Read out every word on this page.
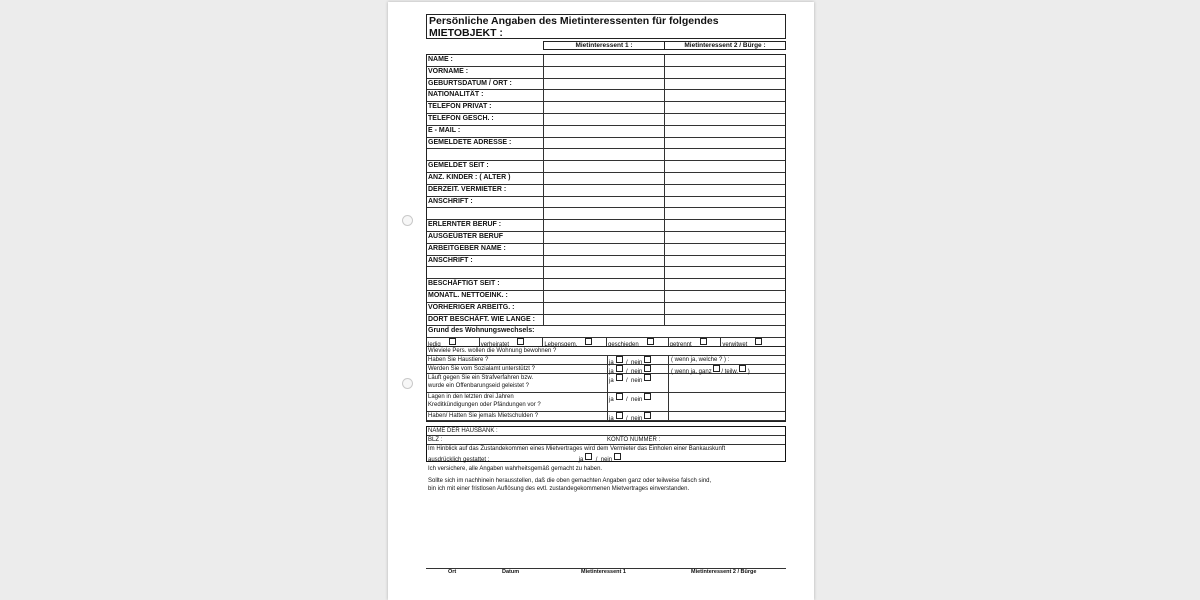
Persönliche Angaben des Mietinteressenten für folgendes
MIETOBJEKT :
Mietinteressent 1 :	Mietinteressent 2 / Bürge :
NAME :
VORNAME :
GEBURTSDATUM / ORT :
NATIONALITÄT :
TELEFON PRIVAT :
TELEFON GESCH. :
E - MAIL :
GEMELDETE ADRESSE :
GEMELDET SEIT :
ANZ. KINDER : ( ALTER )
DERZEIT. VERMIETER :
ANSCHRIFT :
ERLERNTER BERUF :
AUSGEÜBTER BERUF
ARBEITGEBER NAME :
ANSCHRIFT :
BESCHÄFTIGT SEIT :
MONATL. NETTOEINK. :
VORHERIGER ARBEITG. :
DORT BESCHÄFT. WIE LANGE :
Grund des Wohnungswechsels:
ledig	verheiratet	Lebensgem.	geschieden	getrennt	verwitwet
Wieviele Pers. wollen die Wohnung bewohnen ?
Haben Sie Haustiere ?	ja / nein	( wenn ja, welche ? ) :
Werden Sie vom Sozialamt unterstützt ?	ja / nein	( wenn ja, ganz / teilw. )
Läuft gegen Sie ein Strafverfahren bzw.
wurde ein Offenbarungseid geleistet ?
ja / nein
Lagen in den letzten drei Jahren
Kreditkündigungen oder Pfändungen vor ?
ja / nein
Haben/ Hatten Sie jemals Mietschulden ?	ja / nein
NAME DER HAUSBANK :
BLZ :	KONTO NUMMER :
Im Hinblick auf das Zustandekommen eines Mietvertrages wird dem Vermieter das Einholen einer Bankauskunft
ausdrücklich gestattet :	ja / nein

Ich versichere, alle Angaben wahrheitsgemäß gemacht zu haben.

Sollte sich im nachhinein herausstellen, daß die oben gemachten Angaben ganz oder teilweise falsch sind,

bin ich mit einer fristlosen Auflösung des evtl. zustandegekommenen Mietvertrages einverstanden.

Ort	Datum	Mietinteressent 1	Mietinteressent 2 / Bürge
